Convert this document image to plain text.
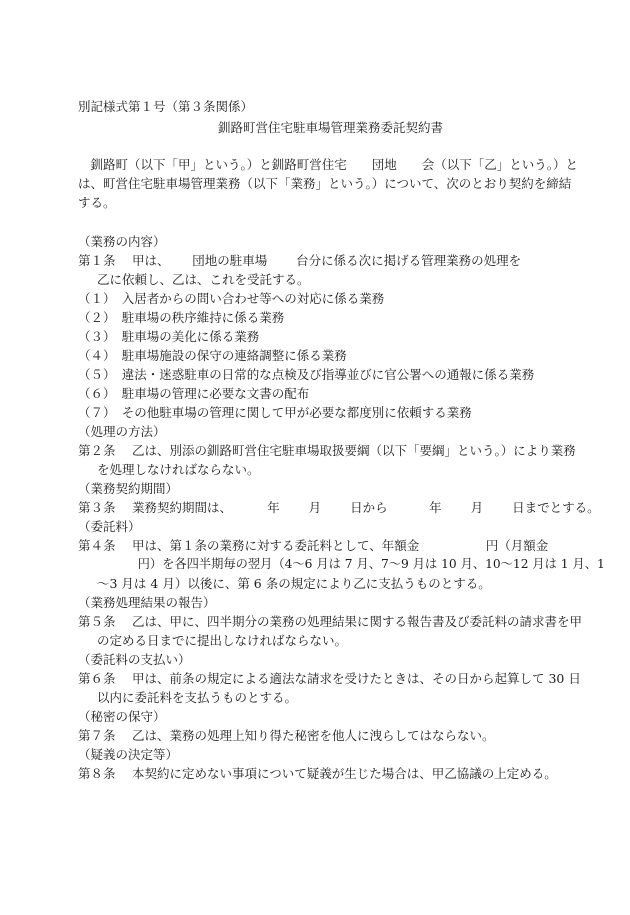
別記様式第１号（第３条関係）
釧路町営住宅駐車場管理業務委託契約書
　釧路町（以下「甲」という。）と釧路町営住宅　　団地　　会（以下「乙」という。）と
は、町営住宅駐車場管理業務（以下「業務」という。）について、次のとおり契約を締結
する。
（業務の内容）
第１条　 甲は、　　 団地の駐車場　　 台分に係る次に掲げる管理業務の処理を
乙に依頼し、乙は、これを受託する。
（１）　入居者からの問い合わせ等への対応に係る業務
（２）　駐車場の秩序維持に係る業務
（３）　駐車場の美化に係る業務
（４）　駐車場施設の保守の連絡調整に係る業務
（５）　違法・迷惑駐車の日常的な点検及び指導並びに官公署への通報に係る業務
（６）　駐車場の管理に必要な文書の配布
（７）　その他駐車場の管理に関して甲が必要な都度別に依頼する業務
（処理の方法）
第２条　 乙は、別添の釧路町営住宅駐車場取扱要綱（以下「要綱」という。）により業務
を処理しなければならない。
（業務契約期間）
第３条　 業務契約期間は、　　　 年　　 月　　 日から　　　 年　　 月　　 日までとする。
（委託料）
第４条　 甲は、第１条の業務に対する委託料として、年額金　　　　　 円（月額金
　　　 円）を各四半期毎の翌月（4～6 月は 7 月、7～9 月は 10 月、10～12 月は 1 月、1
～3 月は 4 月）以後に、第 6 条の規定により乙に支払うものとする。
（業務処理結果の報告）
第５条　 乙は、甲に、四半期分の業務の処理結果に関する報告書及び委託料の請求書を甲
の定める日までに提出しなければならない。
（委託料の支払い）
第６条　 甲は、前条の規定による適法な請求を受けたときは、その日から起算して 30 日
以内に委託料を支払うものとする。
（秘密の保守）
第７条　 乙は、業務の処理上知り得た秘密を他人に洩らしてはならない。
（疑義の決定等）
第８条　 本契約に定めない事項について疑義が生じた場合は、甲乙協議の上定める。
